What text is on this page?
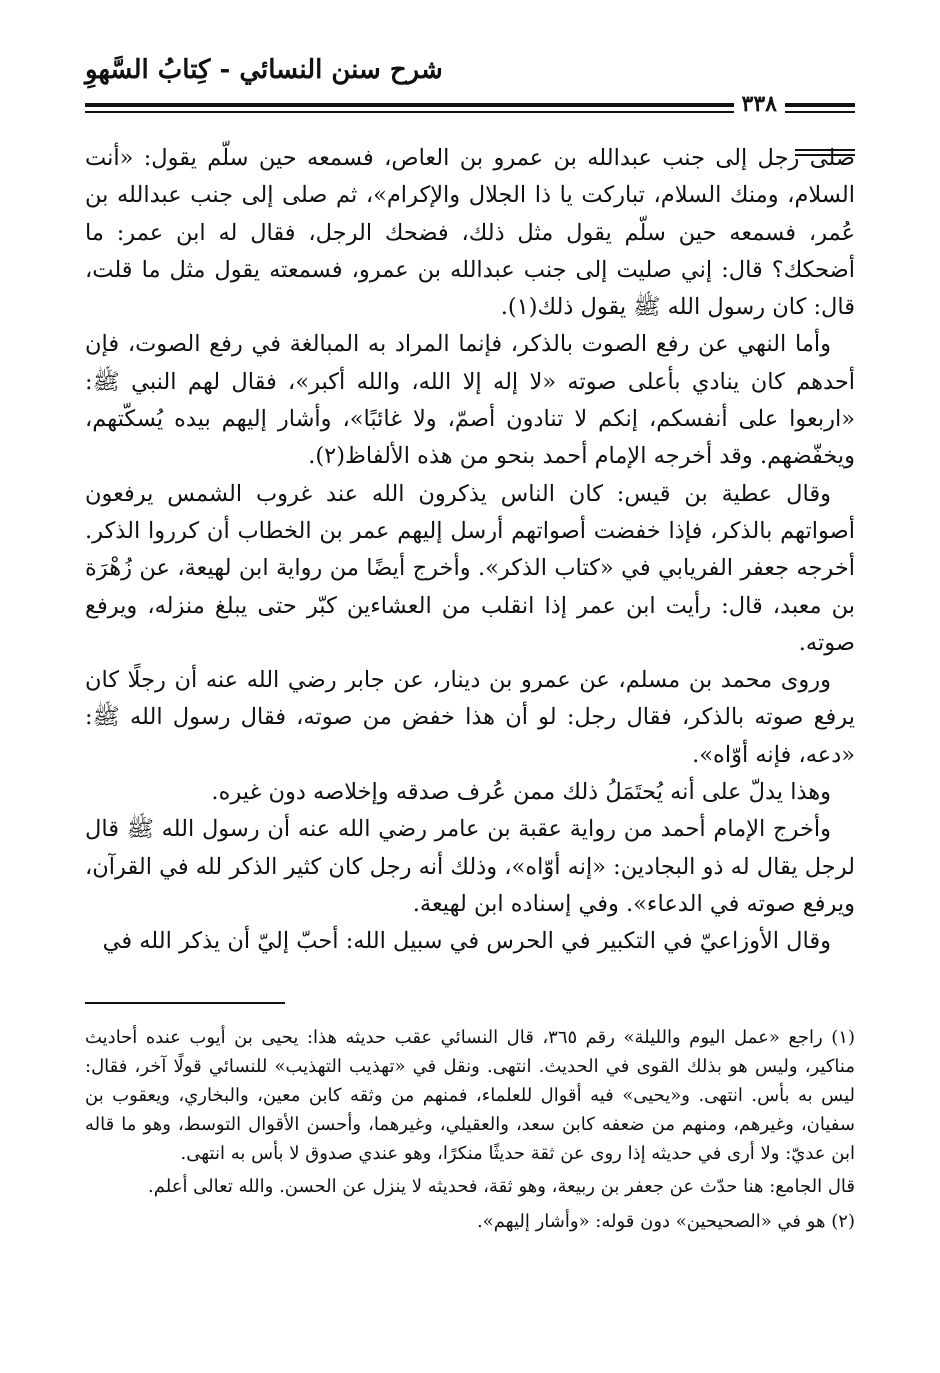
شرح سنن النسائي - كِتابُ السَّهوِ
٣٣٨

صلى رجل إلى جنب عبدالله بن عمرو بن العاص، فسمعه حين سلّم يقول: «أنت السلام، ومنك السلام، تباركت يا ذا الجلال والإكرام»، ثم صلى إلى جنب عبدالله بن عُمر، فسمعه حين سلّم يقول مثل ذلك، فضحك الرجل، فقال له ابن عمر: ما أضحكك؟ قال: إني صليت إلى جنب عبدالله بن عمرو، فسمعته يقول مثل ما قلت، قال: كان رسول الله ﷺ يقول ذلك(١).

وأما النهي عن رفع الصوت بالذكر، فإنما المراد به المبالغة في رفع الصوت، فإن أحدهم كان ينادي بأعلى صوته «لا إله إلا الله، والله أكبر»، فقال لهم النبي ﷺ: «اربعوا على أنفسكم، إنكم لا تنادون أصمّ، ولا غائبًا»، وأشار إليهم بيده يُسكّتهم، ويخفّضهم. وقد أخرجه الإمام أحمد بنحو من هذه الألفاظ(٢).

وقال عطية بن قيس: كان الناس يذكرون الله عند غروب الشمس يرفعون أصواتهم بالذكر، فإذا خفضت أصواتهم أرسل إليهم عمر بن الخطاب أن كرروا الذكر. أخرجه جعفر الفريابي في «كتاب الذكر». وأخرج أيضًا من رواية ابن لهيعة، عن زُهْرَة بن معبد، قال: رأيت ابن عمر إذا انقلب من العشاءين كبّر حتى يبلغ منزله، ويرفع صوته.

وروى محمد بن مسلم، عن عمرو بن دينار، عن جابر رضي الله عنه أن رجلًا كان يرفع صوته بالذكر، فقال رجل: لو أن هذا خفض من صوته، فقال رسول الله ﷺ: «دعه، فإنه أوّاه».

وهذا يدلّ على أنه يُحتَمَلُ ذلك ممن عُرف صدقه وإخلاصه دون غيره.

وأخرج الإمام أحمد من رواية عقبة بن عامر رضي الله عنه أن رسول الله ﷺ قال لرجل يقال له ذو البجادين: «إنه أوّاه»، وذلك أنه رجل كان كثير الذكر لله في القرآن، ويرفع صوته في الدعاء». وفي إسناده ابن لهيعة.

وقال الأوزاعيّ في التكبير في الحرس في سبيل الله: أحبّ إليّ أن يذكر الله في

(١) راجع «عمل اليوم والليلة» رقم ٣٦٥، قال النسائي عقب حديثه هذا: يحيى بن أيوب عنده أحاديث مناكير، وليس هو بذلك القوى في الحديث. انتهى. ونقل في «تهذيب التهذيب» للنسائي قولًا آخر، فقال: ليس به بأس. انتهى. و«يحيى» فيه أقوال للعلماء، فمنهم من وثقه كابن معين، والبخاري، ويعقوب بن سفيان، وغيرهم، ومنهم من ضعفه كابن سعد، والعقيلي، وغيرهما، وأحسن الأقوال التوسط، وهو ما قاله ابن عديّ: ولا أرى في حديثه إذا روى عن ثقة حديثًا منكرًا، وهو عندي صدوق لا بأس به انتهى.

قال الجامع: هنا حدّث عن جعفر بن ربيعة، وهو ثقة، فحديثه لا ينزل عن الحسن. والله تعالى أعلم.

(٢) هو في «الصحيحين» دون قوله: «وأشار إليهم».
